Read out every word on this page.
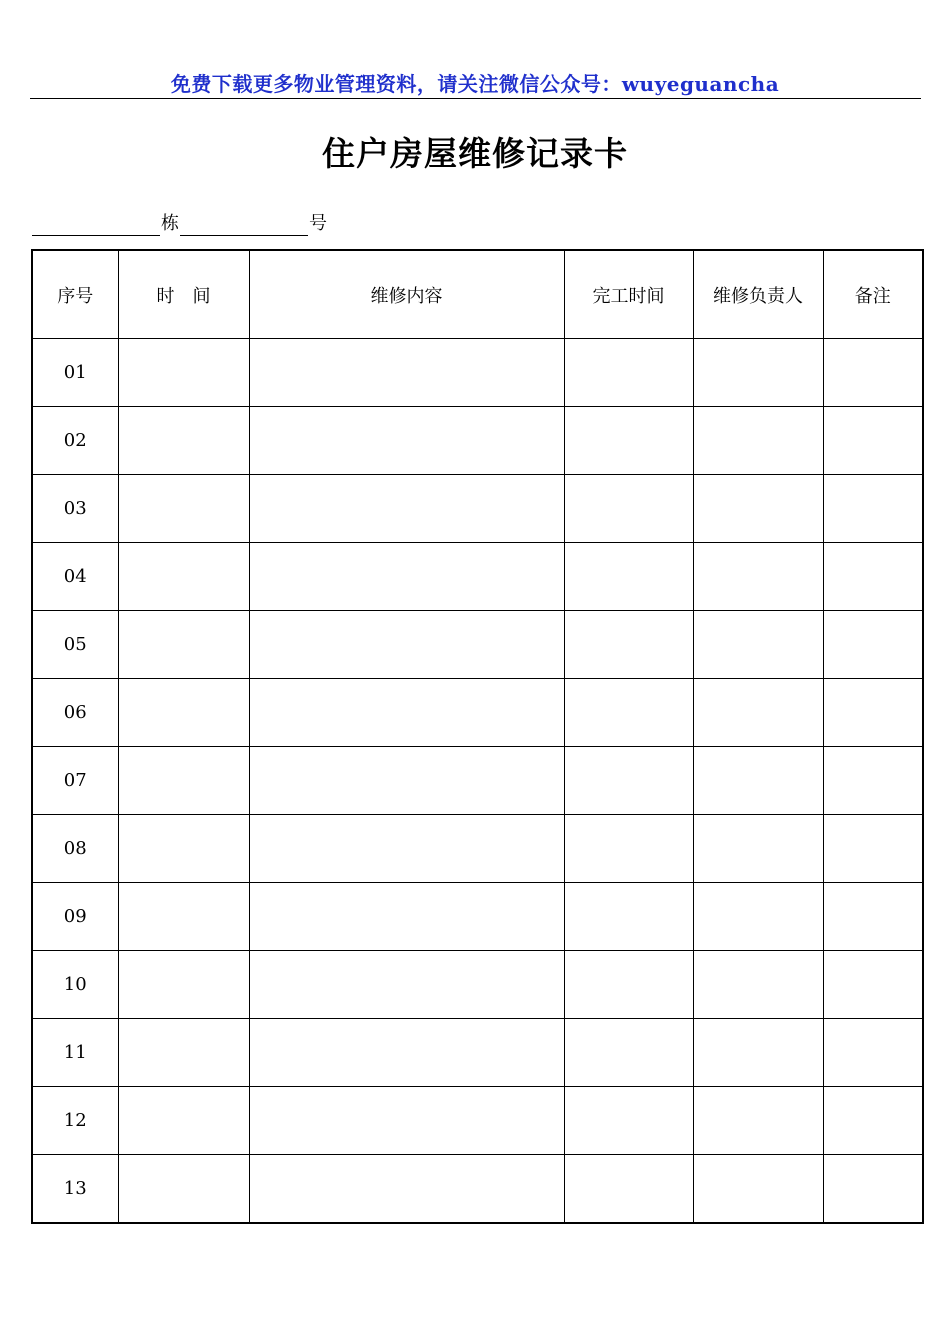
免费下载更多物业管理资料，请关注微信公众号：wuyeguancha
住户房屋维修记录卡
栋	号
序号	时　间	维修内容	完工时间	维修负责人	备注
01					
02					
03					
04					
05					
06					
07					
08					
09					
10					
11					
12					
13					
